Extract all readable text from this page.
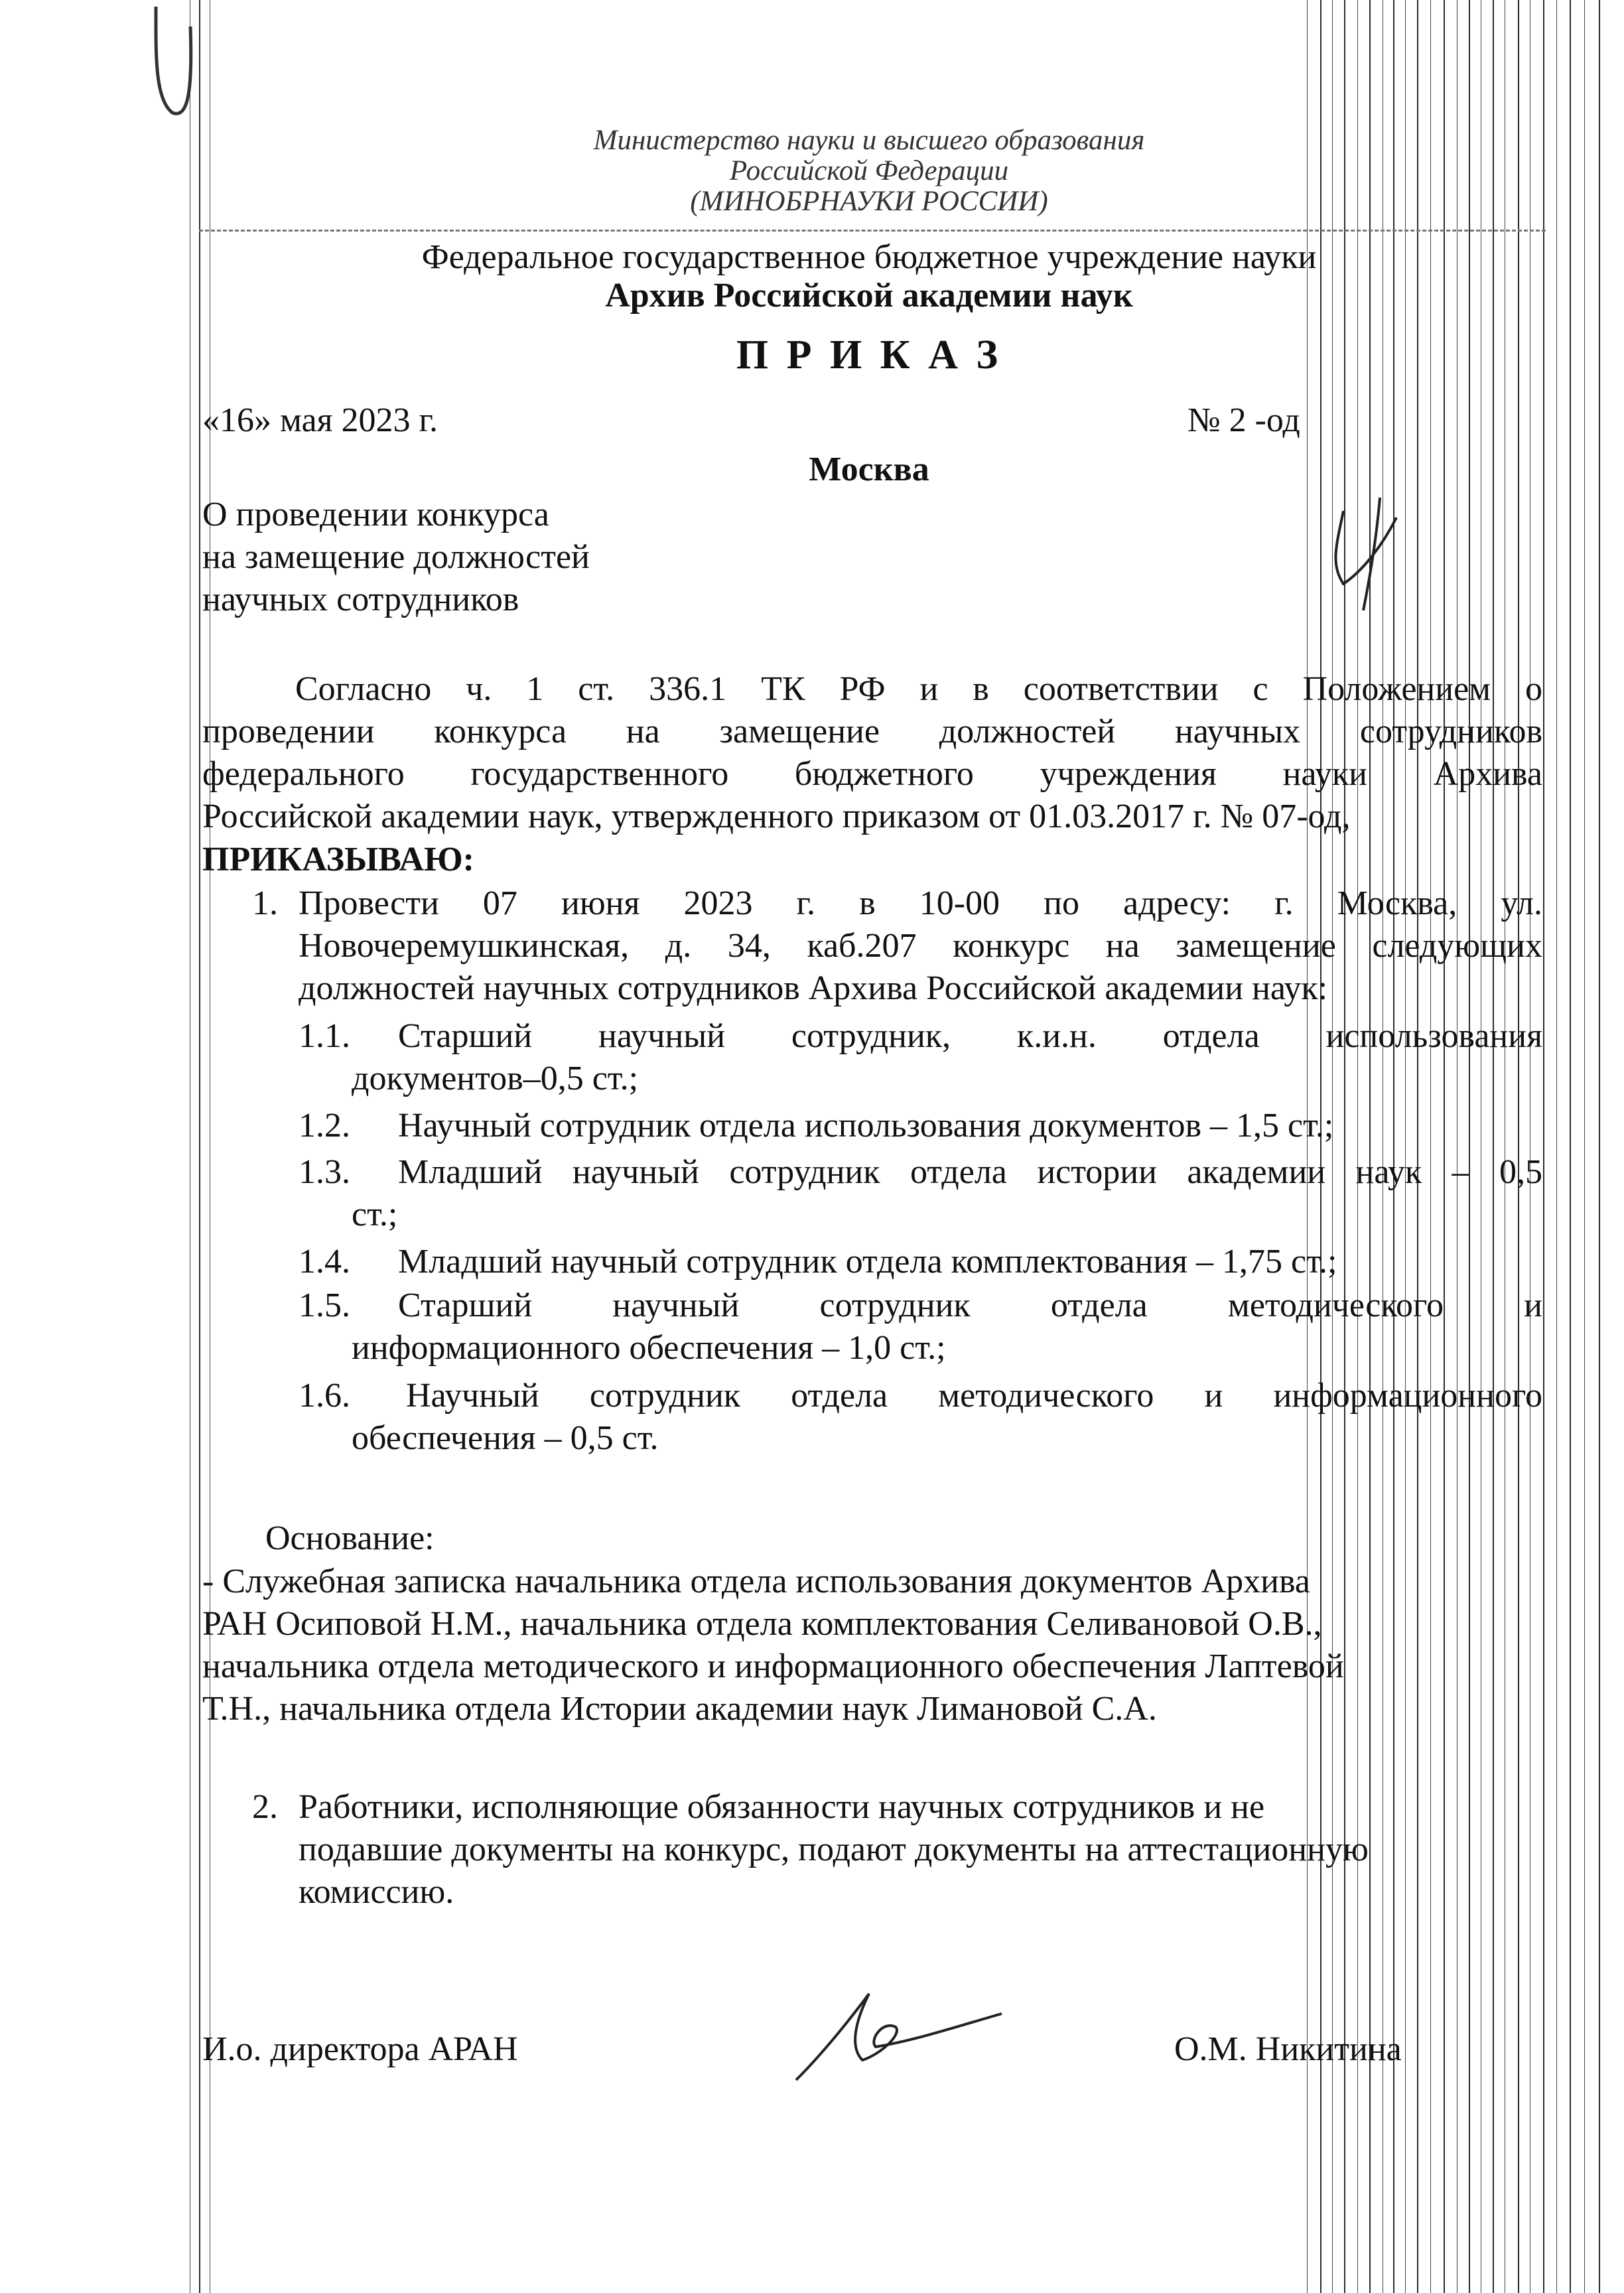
Министерство науки и высшего образования
Российской Федерации
(МИНОБРНАУКИ РОССИИ)
Федеральное государственное бюджетное учреждение науки
Архив Российской академии наук
П Р И К А З
«16» мая 2023 г.	№ 2 -од
Москва
О проведении конкурса
на замещение должностей
научных сотрудников
Согласно ч. 1 ст. 336.1 ТК РФ и в соответствии с Положением о
проведении конкурса на замещение должностей научных сотрудников
федерального государственного бюджетного учреждения науки Архива
Российской академии наук, утвержденного приказом от 01.03.2017 г. № 07-од,
ПРИКАЗЫВАЮ:
1. Провести 07 июня 2023 г. в 10-00 по адресу: г. Москва, ул.
Новочеремушкинская, д. 34, каб.207 конкурс на замещение следующих
должностей научных сотрудников Архива Российской академии наук:
1.1. Старший научный сотрудник, к.и.н. отдела использования
документов–0,5 ст.;
1.2. Научный сотрудник отдела использования документов – 1,5 ст.;
1.3. Младший научный сотрудник отдела истории академии наук – 0,5
ст.;
1.4. Младший научный сотрудник отдела комплектования – 1,75 ст.;
1.5. Старший научный сотрудник отдела методического и
информационного обеспечения – 1,0 ст.;
1.6. Научный сотрудник отдела методического и информационного
обеспечения – 0,5 ст.
Основание:
- Служебная записка начальника отдела использования документов Архива
РАН Осиповой Н.М., начальника отдела комплектования Селивановой О.В.,
начальника отдела методического и информационного обеспечения Лаптевой
Т.Н., начальника отдела Истории академии наук Лимановой С.А.
2. Работники, исполняющие обязанности научных сотрудников и не
подавшие документы на конкурс, подают документы на аттестационную
комиссию.
И.о. директора АРАН	О.М. Никитина
